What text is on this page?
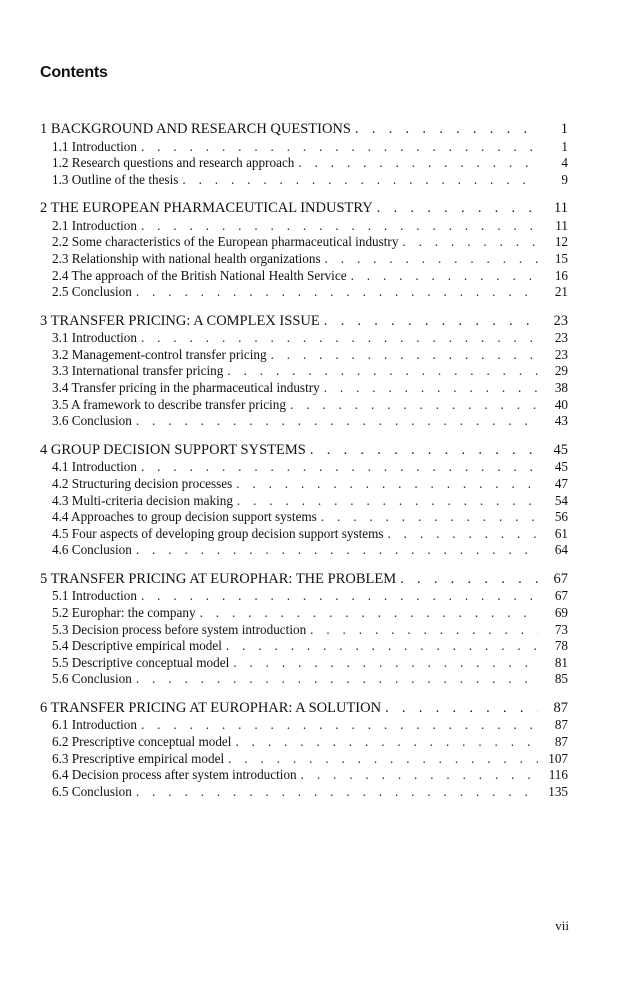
Contents
1 BACKGROUND AND RESEARCH QUESTIONS . . .	1
1.1 Introduction . . .	1
1.2 Research questions and research approach . . .	4
1.3 Outline of the thesis . . .	9
2 THE EUROPEAN PHARMACEUTICAL INDUSTRY . . .	11
2.1 Introduction . . .	11
2.2 Some characteristics of the European pharmaceutical industry . . .	12
2.3 Relationship with national health organizations . . .	15
2.4 The approach of the British National Health Service . . .	16
2.5 Conclusion . . .	21
3 TRANSFER PRICING: A COMPLEX ISSUE . . .	23
3.1 Introduction . . .	23
3.2 Management-control transfer pricing . . .	23
3.3 International transfer pricing . . .	29
3.4 Transfer pricing in the pharmaceutical industry . . .	38
3.5 A framework to describe transfer pricing . . .	40
3.6 Conclusion . . .	43
4 GROUP DECISION SUPPORT SYSTEMS . . .	45
4.1 Introduction . . .	45
4.2 Structuring decision processes . . .	47
4.3 Multi-criteria decision making . . .	54
4.4 Approaches to group decision support systems . . .	56
4.5 Four aspects of developing group decision support systems . . .	61
4.6 Conclusion . . .	64
5 TRANSFER PRICING AT EUROPHAR: THE PROBLEM . . .	67
5.1 Introduction . . .	67
5.2 Europhar: the company . . .	69
5.3 Decision process before system introduction . . .	73
5.4 Descriptive empirical model . . .	78
5.5 Descriptive conceptual model . . .	81
5.6 Conclusion . . .	85
6 TRANSFER PRICING AT EUROPHAR: A SOLUTION . . .	87
6.1 Introduction . . .	87
6.2 Prescriptive conceptual model . . .	87
6.3 Prescriptive empirical model . . .	107
6.4 Decision process after system introduction . . .	116
6.5 Conclusion . . .	135
vii
